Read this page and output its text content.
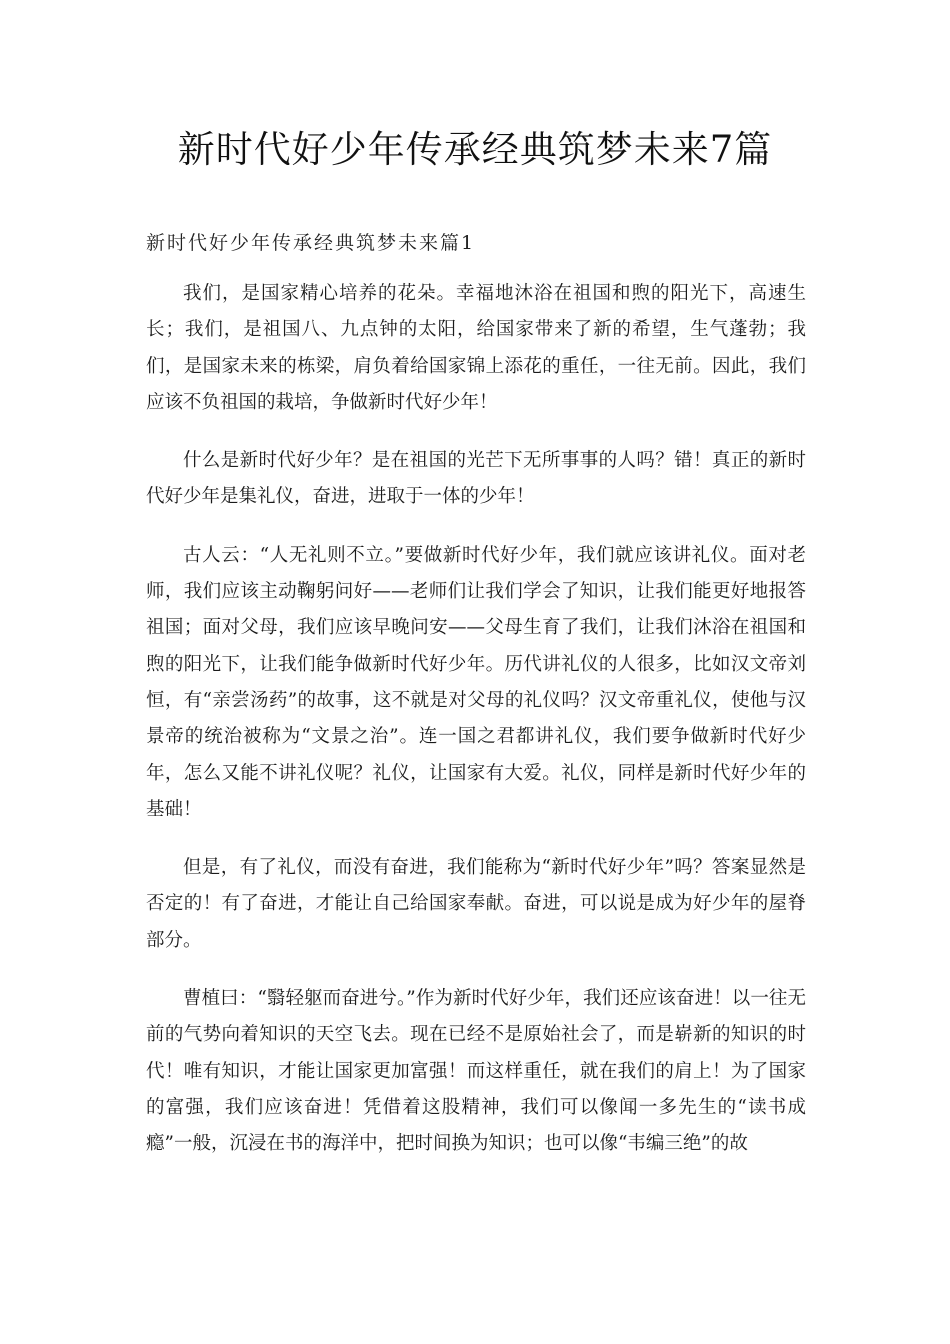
新时代好少年传承经典筑梦未来7篇
新时代好少年传承经典筑梦未来篇1

我们，是国家精心培养的花朵。幸福地沐浴在祖国和煦的阳光下，高速生长；我们，是祖国八、九点钟的太阳，给国家带来了新的希望，生气蓬勃；我们，是国家未来的栋梁，肩负着给国家锦上添花的重任，一往无前。因此，我们应该不负祖国的栽培，争做新时代好少年！

什么是新时代好少年？是在祖国的光芒下无所事事的人吗？错！真正的新时代好少年是集礼仪，奋进，进取于一体的少年！

古人云：“人无礼则不立。”要做新时代好少年，我们就应该讲礼仪。面对老师，我们应该主动鞠躬问好——老师们让我们学会了知识，让我们能更好地报答祖国；面对父母，我们应该早晚问安——父母生育了我们，让我们沐浴在祖国和煦的阳光下，让我们能争做新时代好少年。历代讲礼仪的人很多，比如汉文帝刘恒，有“亲尝汤药”的故事，这不就是对父母的礼仪吗？汉文帝重礼仪，使他与汉景帝的统治被称为“文景之治”。连一国之君都讲礼仪，我们要争做新时代好少年，怎么又能不讲礼仪呢？礼仪，让国家有大爱。礼仪，同样是新时代好少年的基础！

但是，有了礼仪，而没有奋进，我们能称为“新时代好少年”吗？答案显然是否定的！有了奋进，才能让自己给国家奉献。奋进，可以说是成为好少年的屋脊部分。

曹植曰：“翳轻躯而奋进兮。”作为新时代好少年，我们还应该奋进！以一往无前的气势向着知识的天空飞去。现在已经不是原始社会了，而是崭新的知识的时代！唯有知识，才能让国家更加富强！而这样重任，就在我们的肩上！为了国家的富强，我们应该奋进！凭借着这股精神，我们可以像闻一多先生的“读书成瘾”一般，沉浸在书的海洋中，把时间换为知识；也可以像“韦编三绝”的故
